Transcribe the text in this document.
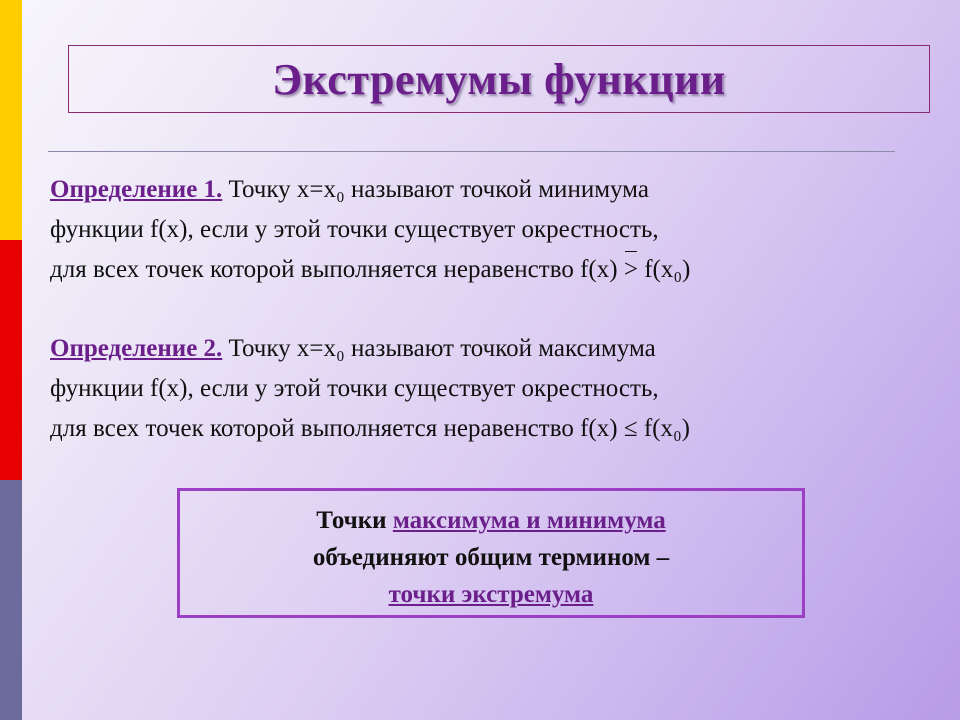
Экстремумы функции
Определение 1. Точку х=х₀ называют точкой минимума
функции f(x), если у этой точки существует окрестность,
для всех точек которой выполняется неравенство f(x) > f(x₀)
Определение 2. Точку х=х₀ называют точкой максимума
функции f(x), если у этой точки существует окрестность,
для всех точек которой выполняется неравенство f(x) ≤ f(x₀)
Точки максимума и минимума
объединяют общим термином –
точки экстремума
